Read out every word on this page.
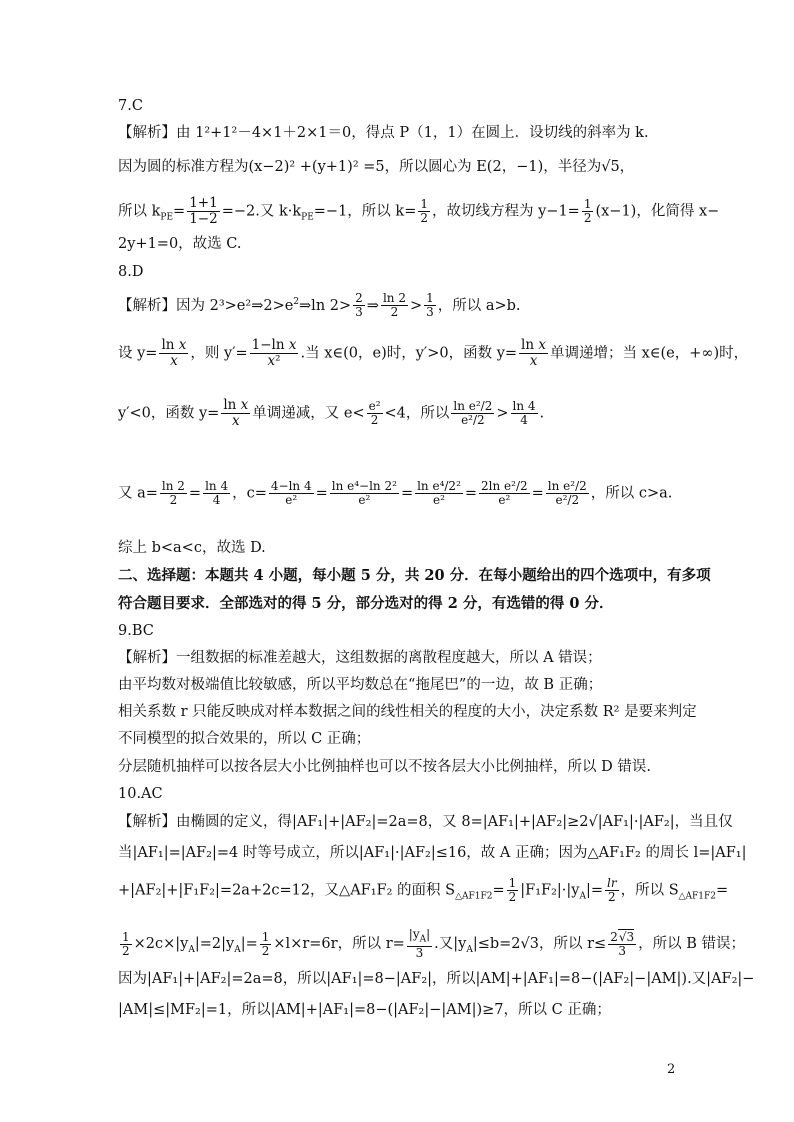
7.C
【解析】由 1²+1²－4×1＋2×1＝0，得点 P（1，1）在圆上．设切线的斜率为 k.
因为圆的标准方程为(x−2)² +(y+1)² =5，所以圆心为 E(2，−1)，半径为√5，
所以 $k_{PE}= \frac{1+1}{1-2} =-2$.又 $k\cdot k_{PE}=-1$，所以 $k= \frac{1}{2}$ ，故切线方程为 $y-1= \frac{1}{2} (x-1)$，化简得 x−
2y+1=0，故选 C.
8.D
【解析】因为 $2^3>e^2\Rightarrow 2>e^2\Rightarrow\ln$ $2> \frac{2}{3}$ ⇒ $\frac{\ln 2}{2} > \frac{1}{3}$ ，所以 a>b.
设 $y= \frac{\text{ln x}}{x}$ ，则 $y'= \frac{\text{1−ln x}}{\text{x²}}$ .当 x∈(0，e)时，y′>0，函数 $y= \frac{\text{ln x}}{x}$ 单调递增；当 x∈(e，+∞)时，
y′<0，函数 $y= \frac{\text{ln x}}{x}$ 单调递减，又 $e< \frac{\text{e²}}{2} <4$，所以 $\frac{\text{ln e²/2}}{\text{e²/2}} > \frac{\ln 4}{4}$ .
又 $a= \frac{\ln 2}{2} = \frac{\ln 4}{4}$ ，$c= \frac{4-\ln 4}{\text{e²}} = \frac{\text{ln e⁴−ln 2²}}{\text{e²}} = \frac{\text{ln e⁴/2²}}{\text{e²}} = \frac{\text{2ln e²/2}}{\text{e²}} = \frac{\text{ln e²/2}}{\text{e²/2}}$ ，所以 c>a.
综上 b<a<c，故选 D.
二、选择题：本题共 4 小题，每小题 5 分，共 20 分．在每小题给出的四个选项中，有多项
符合题目要求．全部选对的得 5 分，部分选对的得 2 分，有选错的得 0 分．
9.BC
【解析】一组数据的标准差越大，这组数据的离散程度越大，所以 A 错误；
由平均数对极端值比较敏感，所以平均数总在“拖尾巴”的一边，故 B 正确；
相关系数 r 只能反映成对样本数据之间的线性相关的程度的大小，决定系数 R² 是要来判定
不同模型的拟合效果的，所以 C 正确；
分层随机抽样可以按各层大小比例抽样也可以不按各层大小比例抽样，所以 D 错误.
10.AC
【解析】由椭圆的定义，得|AF₁|+|AF₂|=2a=8，又 8=|AF₁|+|AF₂|≥2√|AF₁|·|AF₂|，当且仅
当|AF₁|=|AF₂|=4 时等号成立，所以|AF₁|·|AF₂|≤16，故 A 正确；因为△AF₁F₂ 的周长 l=|AF₁|
+|AF₂|+|F₁F₂|=2a+2c=12，又△AF₁F₂ 的面积 $S_{\triangle AF1F2}= \frac{1}{2} |F_1F_2|\cdot|y_A|= \frac{lr}{2}$ ，所以 $S_{\triangle AF1F2}=$
$\frac{1}{2} \times 2c\times|y_A|=2|y_A|= \frac{1}{2} \times l\times r=6r$，所以 $r= \frac{|y_A|}{3}$ .又$|y_A|\le b=2√3$，所以 $r\le \frac{2√3}{3}$ ，所以 B 错误；
因为|AF₁|+|AF₂|=2a=8，所以|AF₁|=8−|AF₂|，所以|AM|+|AF₁|=8−(|AF₂|−|AM|).又|AF₂|−
|AM|≤|MF₂|=1，所以|AM|+|AF₁|=8−(|AF₂|−|AM|)≥7，所以 C 正确；
2
